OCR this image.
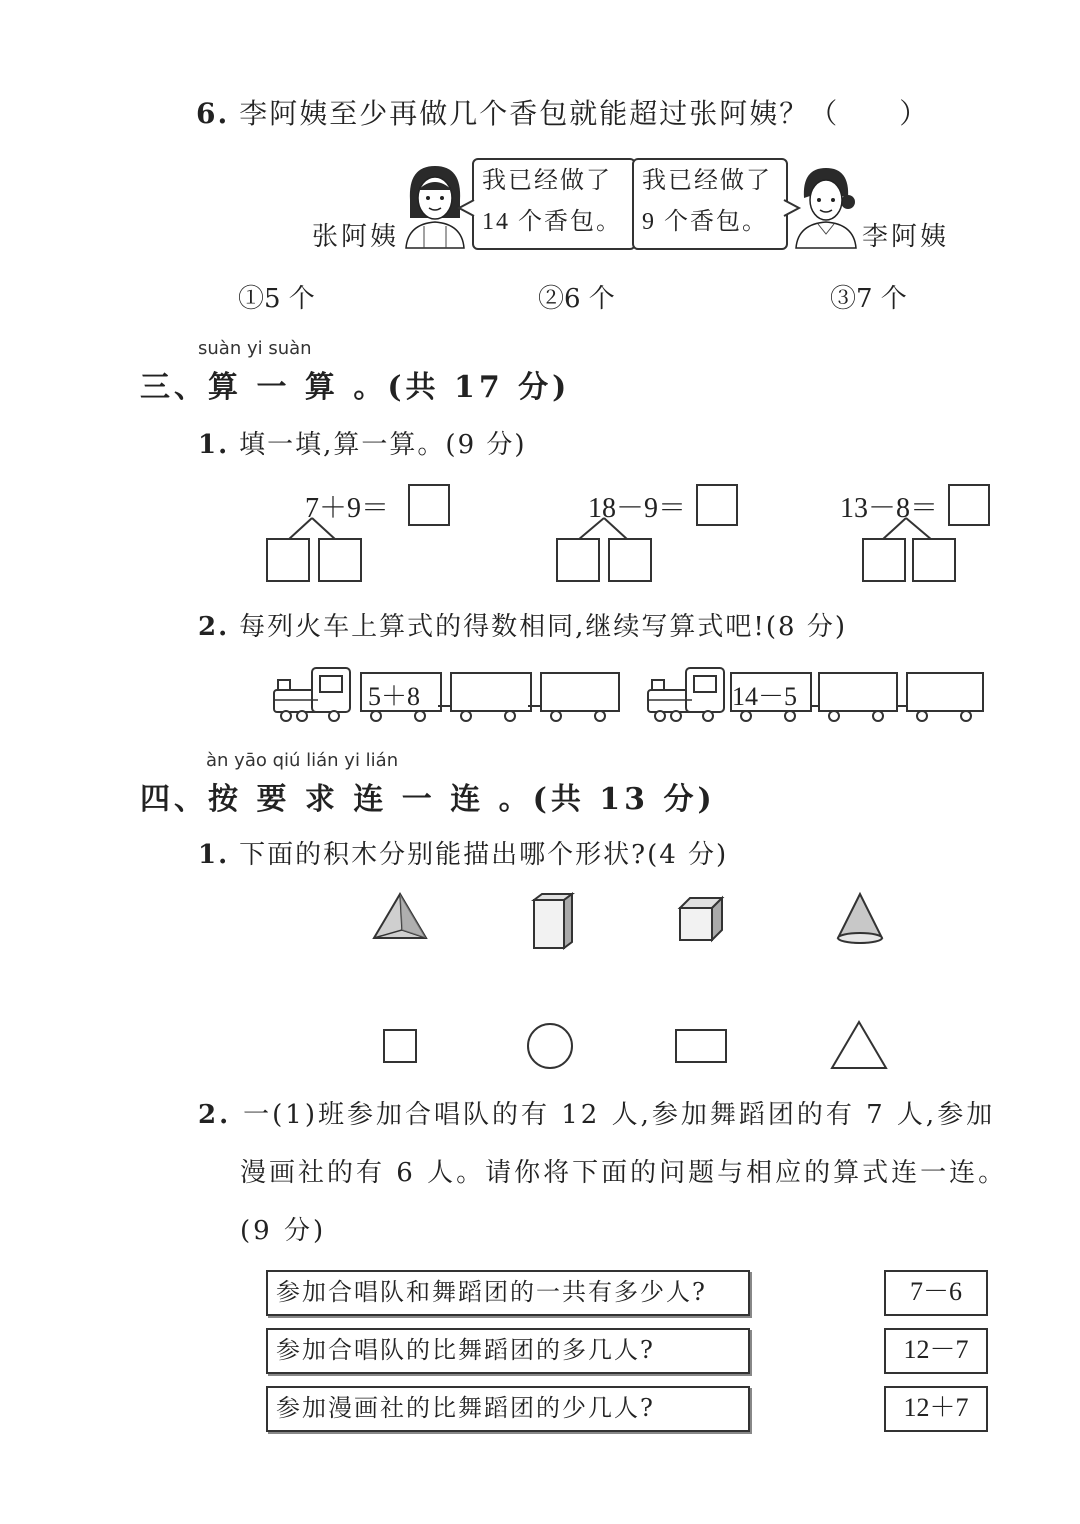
6. 李阿姨至少再做几个香包就能超过张阿姨？（　　）
张阿姨
我已经做了
14 个香包。
我已经做了
9 个香包。	李阿姨
①5 个	②6 个	③7 个
suàn yi suàn
三、算 一 算 。(共 17 分)
1. 填一填,算一算。(9 分)
7＋9＝	18－9＝	13－8＝
2. 每列火车上算式的得数相同,继续写算式吧!(8 分)
5＋8	14－5
àn yāo qiú lián yi lián
四、按 要 求 连 一 连 。(共 13 分)
1. 下面的积木分别能描出哪个形状?(4 分)
2. 一(1)班参加合唱队的有 12 人,参加舞蹈团的有 7 人,参加
漫画社的有 6 人。请你将下面的问题与相应的算式连一连。
(9 分)
参加合唱队和舞蹈团的一共有多少人?
参加合唱队的比舞蹈团的多几人?
参加漫画社的比舞蹈团的少几人?
7－6
12－7
12＋7
